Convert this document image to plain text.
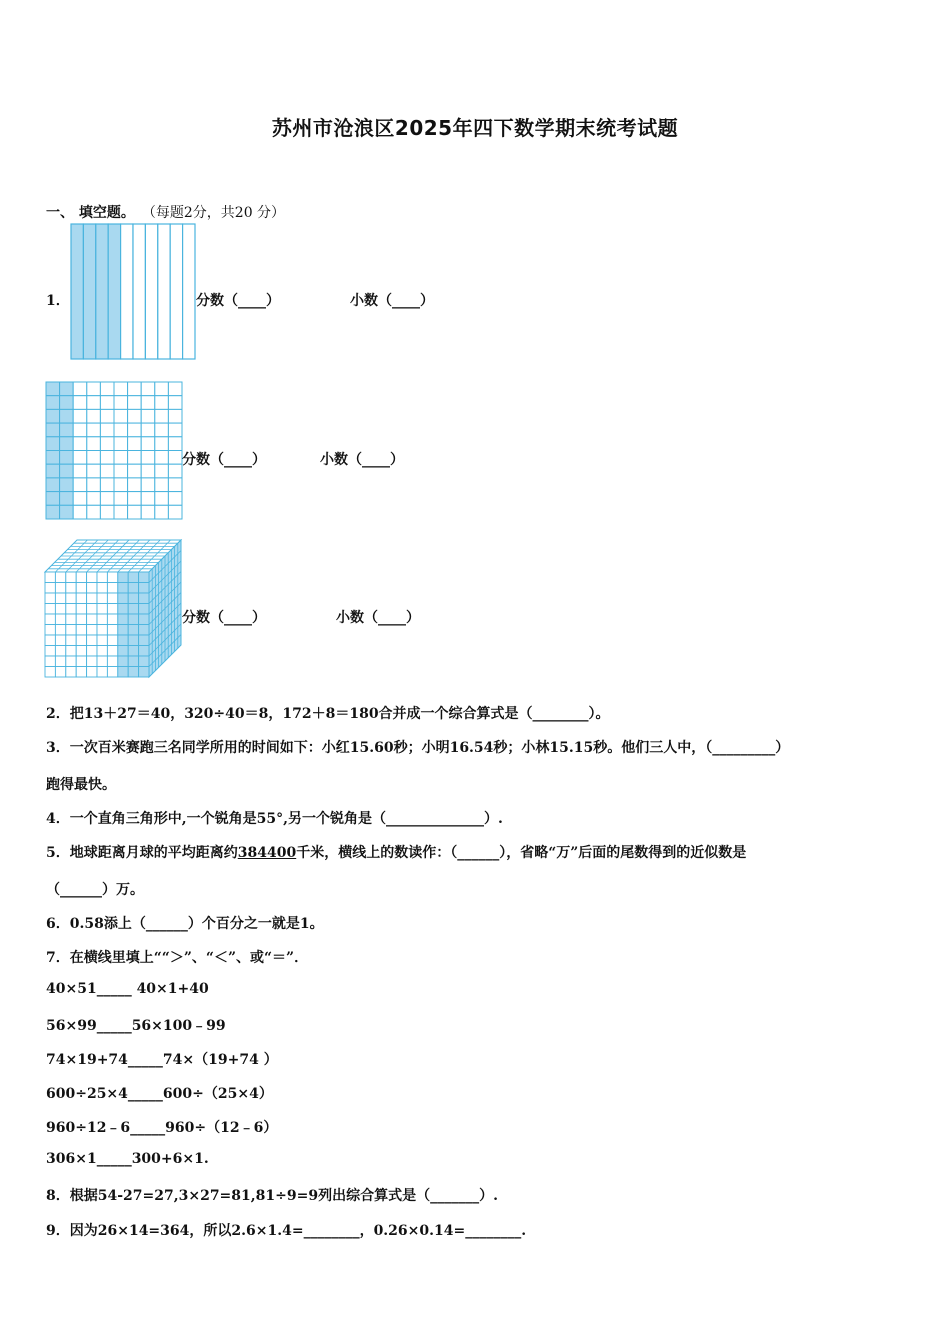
苏州市沧浪区2025年四下数学期末统考试题
一、 填空题。 （每题2分，共20 分）
1．	分数（____）	小数（____）
分数（____）	小数（____）
分数（____）	小数（____）
2．把13＋27＝40，320÷40＝8，172＋8＝180合并成一个综合算式是（________）。
3．一次百米赛跑三名同学所用的时间如下：小红15.60秒；小明16.54秒；小林15.15秒。他们三人中，（_________）
跑得最快。
4．一个直角三角形中,一个锐角是55°,另一个锐角是（______________）.
5．地球距离月球的平均距离约384400千米，横线上的数读作：（______），省略“万”后面的尾数得到的近似数是
（______）万。
6．0.58添上（______）个百分之一就是1。
7．在横线里填上““＞”、“＜”、或“＝”．
40×51_____ 40×1+40
56×99_____56×100﹣99
74×19+74_____74×（19+74 ）
600÷25×4_____600÷（25×4）
960÷12﹣6_____960÷（12﹣6）
306×1_____300+6×1.
8．根据54-27=27,3×27=81,81÷9=9列出综合算式是（_______）.
9．因为26×14=364，所以2.6×1.4=________，0.26×0.14=________.
